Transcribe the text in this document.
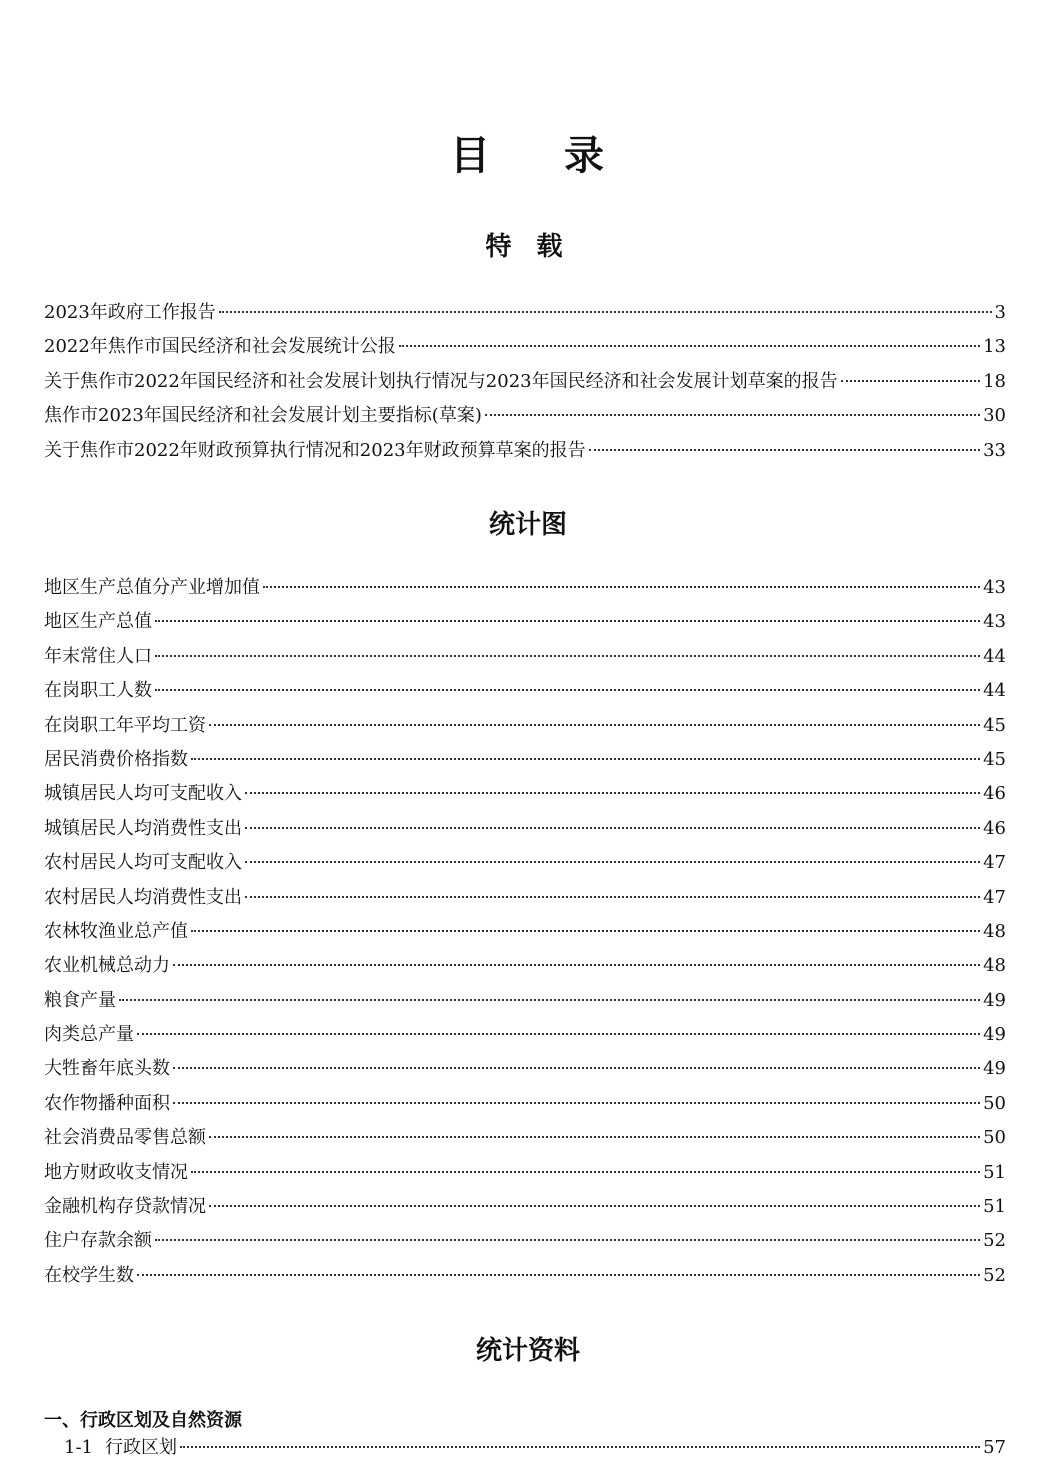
目 录
特 载
2023年政府工作报告	3
2022年焦作市国民经济和社会发展统计公报	13
关于焦作市2022年国民经济和社会发展计划执行情况与2023年国民经济和社会发展计划草案的报告	18
焦作市2023年国民经济和社会发展计划主要指标(草案)	30
关于焦作市2022年财政预算执行情况和2023年财政预算草案的报告	33
统计图
地区生产总值分产业增加值	43
地区生产总值	43
年末常住人口	44
在岗职工人数	44
在岗职工年平均工资	45
居民消费价格指数	45
城镇居民人均可支配收入	46
城镇居民人均消费性支出	46
农村居民人均可支配收入	47
农村居民人均消费性支出	47
农林牧渔业总产值	48
农业机械总动力	48
粮食产量	49
肉类总产量	49
大牲畜年底头数	49
农作物播种面积	50
社会消费品零售总额	50
地方财政收支情况	51
金融机构存贷款情况	51
住户存款余额	52
在校学生数	52
统计资料
一、行政区划及自然资源
1-1 行政区划	57
